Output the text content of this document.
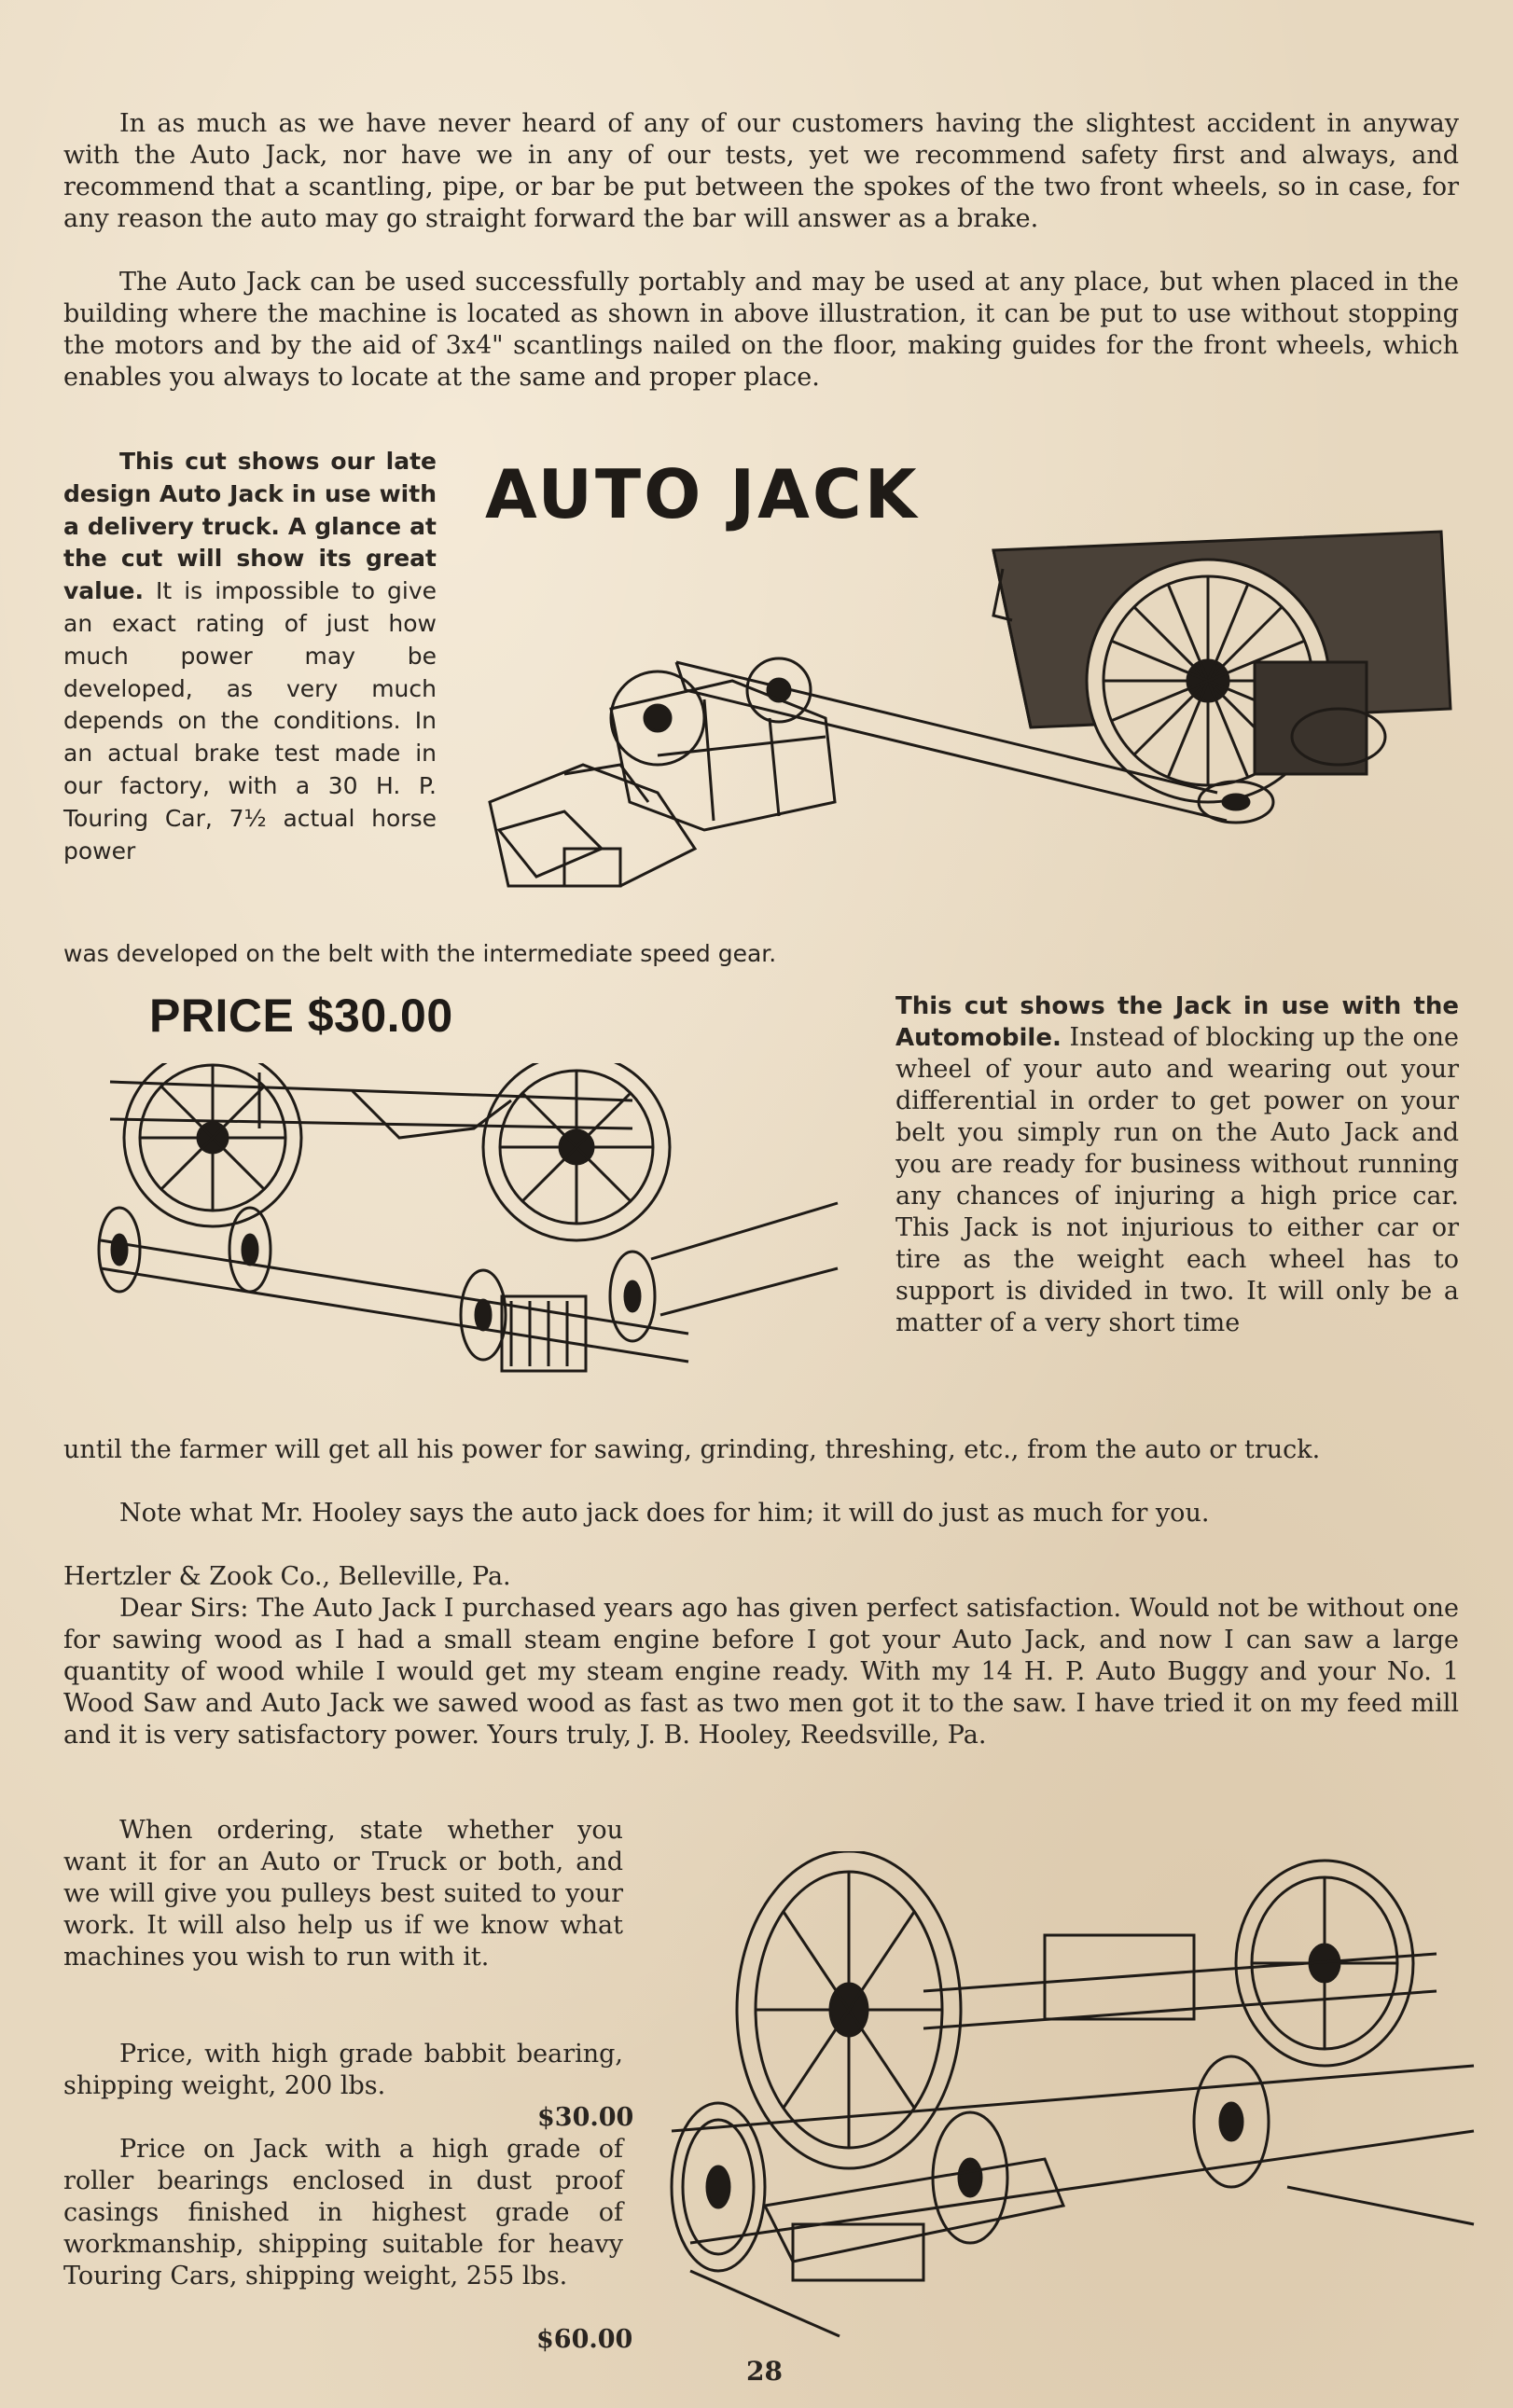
In as much as we have never heard of any of our customers having the slightest accident in anyway with the Auto Jack, nor have we in any of our tests, yet we recommend safety first and always, and recommend that a scantling, pipe, or bar be put between the spokes of the two front wheels, so in case, for any reason the auto may go straight forward the bar will answer as a brake.

The Auto Jack can be used successfully portably and may be used at any place, but when placed in the building where the machine is located as shown in above illustration, it can be put to use without stopping the motors and by the aid of 3x4" scantlings nailed on the floor, making guides for the front wheels, which enables you always to locate at the same and proper place.

This cut shows our late design Auto Jack in use with a delivery truck. A glance at the cut will show its great value. It is impossible to give an exact rating of just how much power may be developed, as very much depends on the conditions. In an actual brake test made in our factory, with a 30 H. P. Touring Car, 7½ actual horse power

was developed on the belt with the intermediate speed gear.

AUTO JACK
PRICE $30.00	This cut shows the Jack in use with the Automobile. Instead of blocking up the one wheel of your auto and wearing out your differential in order to get power on your belt you simply run on the Auto Jack and you are ready for business without running any chances of injuring a high price car. This Jack is not injurious to either car or tire as the weight each wheel has to support is divided in two. It will only be a matter of a very short time

until the farmer will get all his power for sawing, grinding, threshing, etc., from the auto or truck.

Note what Mr. Hooley says the auto jack does for him; it will do just as much for you.

Hertzler & Zook Co., Belleville, Pa.

Dear Sirs: The Auto Jack I purchased years ago has given perfect satisfaction. Would not be without one for sawing wood as I had a small steam engine before I got your Auto Jack, and now I can saw a large quantity of wood while I would get my steam engine ready. With my 14 H. P. Auto Buggy and your No. 1 Wood Saw and Auto Jack we sawed wood as fast as two men got it to the saw. I have tried it on my feed mill and it is very satisfactory power. Yours truly, J. B. Hooley, Reedsville, Pa.

When ordering, state whether you want it for an Auto or Truck or both, and we will give you pulleys best suited to your work. It will also help us if we know what machines you wish to run with it.

Price, with high grade babbit bearing, shipping weight, 200 lbs.

$30.00

Price on Jack with a high grade of roller bearings enclosed in dust proof casings finished in highest grade of workmanship, shipping suitable for heavy Touring Cars, shipping weight, 255 lbs.

$60.00
28
